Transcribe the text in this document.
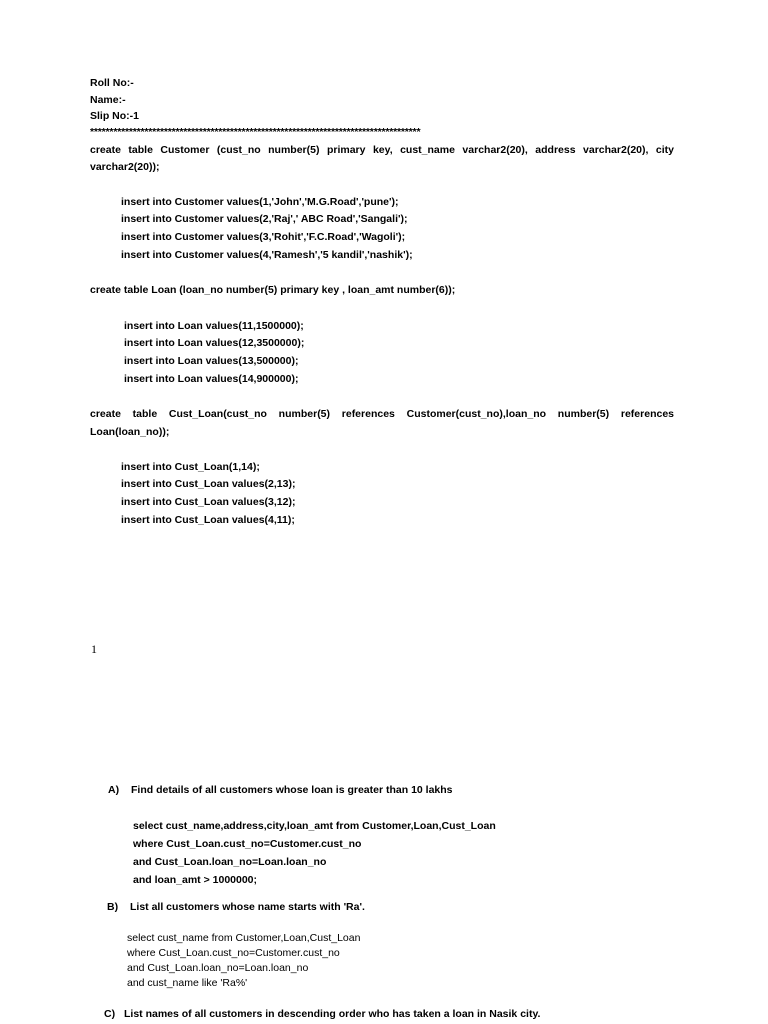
Roll No:-
Name:-
Slip No:-1
*************************************************************************************
create table Customer (cust_no number(5) primary key, cust_name varchar2(20), address varchar2(20), city
varchar2(20));
insert into Customer values(1,'John','M.G.Road','pune');
insert into Customer values(2,'Raj',' ABC Road','Sangali');
insert into Customer values(3,'Rohit','F.C.Road','Wagoli');
insert into Customer values(4,'Ramesh','5 kandil','nashik');
create table Loan (loan_no number(5) primary key , loan_amt number(6));
insert into Loan values(11,1500000);
insert into Loan values(12,3500000);
insert into Loan values(13,500000);
insert into Loan values(14,900000);
create table Cust_Loan(cust_no number(5) references Customer(cust_no),loan_no number(5) references
Loan(loan_no));
insert into Cust_Loan(1,14);
insert into Cust_Loan values(2,13);
insert into Cust_Loan values(3,12);
insert into Cust_Loan values(4,11);
1
A) Find details of all customers whose loan is greater than 10 lakhs
select cust_name,address,city,loan_amt from Customer,Loan,Cust_Loan
where Cust_Loan.cust_no=Customer.cust_no
and Cust_Loan.loan_no=Loan.loan_no
and loan_amt > 1000000;
B) List all customers whose name starts with 'Ra'.
select cust_name from Customer,Loan,Cust_Loan
where Cust_Loan.cust_no=Customer.cust_no
and Cust_Loan.loan_no=Loan.loan_no
and cust_name like 'Ra%'
C) List names of all customers in descending order who has taken a loan in Nasik city.
